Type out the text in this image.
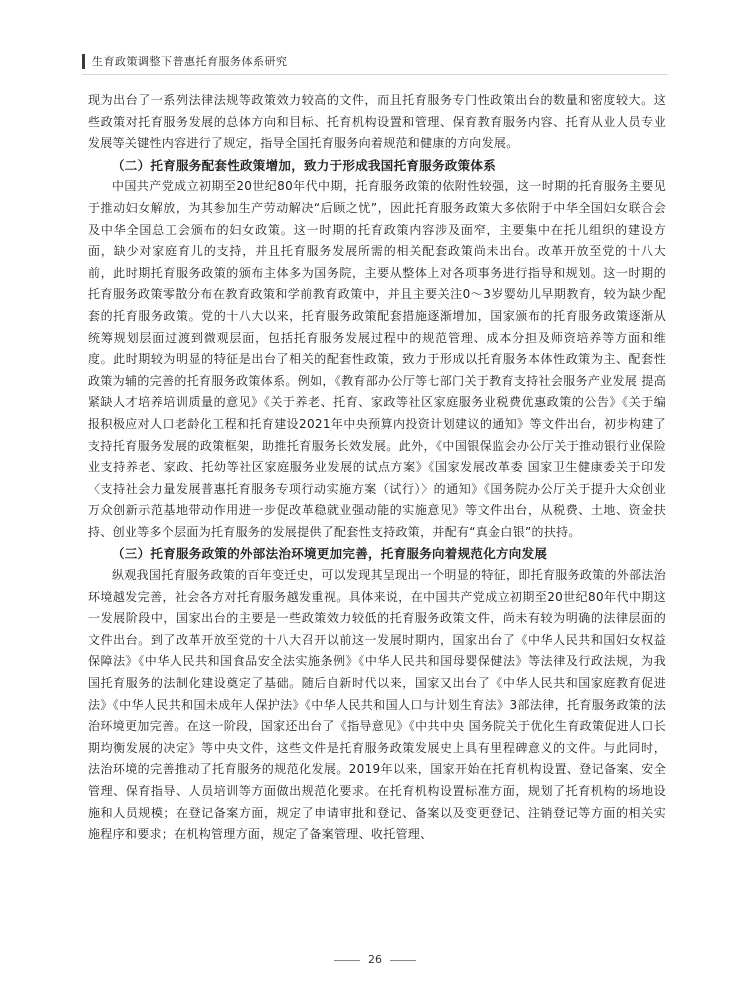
生育政策调整下普惠托育服务体系研究

现为出台了一系列法律法规等政策效力较高的文件，而且托育服务专门性政策出台的数量和密度较大。这些政策对托育服务发展的总体方向和目标、托育机构设置和管理、保育教育服务内容、托育从业人员专业发展等关键性内容进行了规定，指导全国托育服务向着规范和健康的方向发展。

（二）托育服务配套性政策增加，致力于形成我国托育服务政策体系

中国共产党成立初期至20世纪80年代中期，托育服务政策的依附性较强，这一时期的托育服务主要见于推动妇女解放，为其参加生产劳动解决“后顾之忧”，因此托育服务政策大多依附于中华全国妇女联合会及中华全国总工会颁布的妇女政策。这一时期的托育政策内容涉及面窄，主要集中在托儿组织的建设方面，缺少对家庭育儿的支持，并且托育服务发展所需的相关配套政策尚未出台。改革开放至党的十八大前，此时期托育服务政策的颁布主体多为国务院，主要从整体上对各项事务进行指导和规划。这一时期的托育服务政策零散分布在教育政策和学前教育政策中，并且主要关注0～3岁婴幼儿早期教育，较为缺少配套的托育服务政策。党的十八大以来，托育服务政策配套措施逐渐增加，国家颁布的托育服务政策逐渐从统筹规划层面过渡到微观层面，包括托育服务发展过程中的规范管理、成本分担及师资培养等方面和维度。此时期较为明显的特征是出台了相关的配套性政策，致力于形成以托育服务本体性政策为主、配套性政策为辅的完善的托育服务政策体系。例如，《教育部办公厅等七部门关于教育支持社会服务产业发展 提高紧缺人才培养培训质量的意见》《关于养老、托育、家政等社区家庭服务业税费优惠政策的公告》《关于编报积极应对人口老龄化工程和托育建设2021年中央预算内投资计划建议的通知》等文件出台，初步构建了支持托育服务发展的政策框架，助推托育服务长效发展。此外，《中国银保监会办公厅关于推动银行业保险业支持养老、家政、托幼等社区家庭服务业发展的试点方案》《国家发展改革委 国家卫生健康委关于印发〈支持社会力量发展普惠托育服务专项行动实施方案（试行）〉的通知》《国务院办公厅关于提升大众创业万众创新示范基地带动作用进一步促改革稳就业强动能的实施意见》等文件出台，从税费、土地、资金扶持、创业等多个层面为托育服务的发展提供了配套性支持政策，并配有“真金白银”的扶持。

（三）托育服务政策的外部法治环境更加完善，托育服务向着规范化方向发展

纵观我国托育服务政策的百年变迁史，可以发现其呈现出一个明显的特征，即托育服务政策的外部法治环境越发完善，社会各方对托育服务越发重视。具体来说，在中国共产党成立初期至20世纪80年代中期这一发展阶段中，国家出台的主要是一些政策效力较低的托育服务政策文件，尚未有较为明确的法律层面的文件出台。到了改革开放至党的十八大召开以前这一发展时期内，国家出台了《中华人民共和国妇女权益保障法》《中华人民共和国食品安全法实施条例》《中华人民共和国母婴保健法》等法律及行政法规，为我国托育服务的法制化建设奠定了基础。随后自新时代以来，国家又出台了《中华人民共和国家庭教育促进法》《中华人民共和国未成年人保护法》《中华人民共和国人口与计划生育法》3部法律，托育服务政策的法治环境更加完善。在这一阶段，国家还出台了《指导意见》《中共中央 国务院关于优化生育政策促进人口长期均衡发展的决定》等中央文件，这些文件是托育服务政策发展史上具有里程碑意义的文件。与此同时，法治环境的完善推动了托育服务的规范化发展。2019年以来，国家开始在托育机构设置、登记备案、安全管理、保育指导、人员培训等方面做出规范化要求。在托育机构设置标准方面，规划了托育机构的场地设施和人员规模；在登记备案方面，规定了申请审批和登记、备案以及变更登记、注销登记等方面的相关实施程序和要求；在机构管理方面，规定了备案管理、收托管理、

26
